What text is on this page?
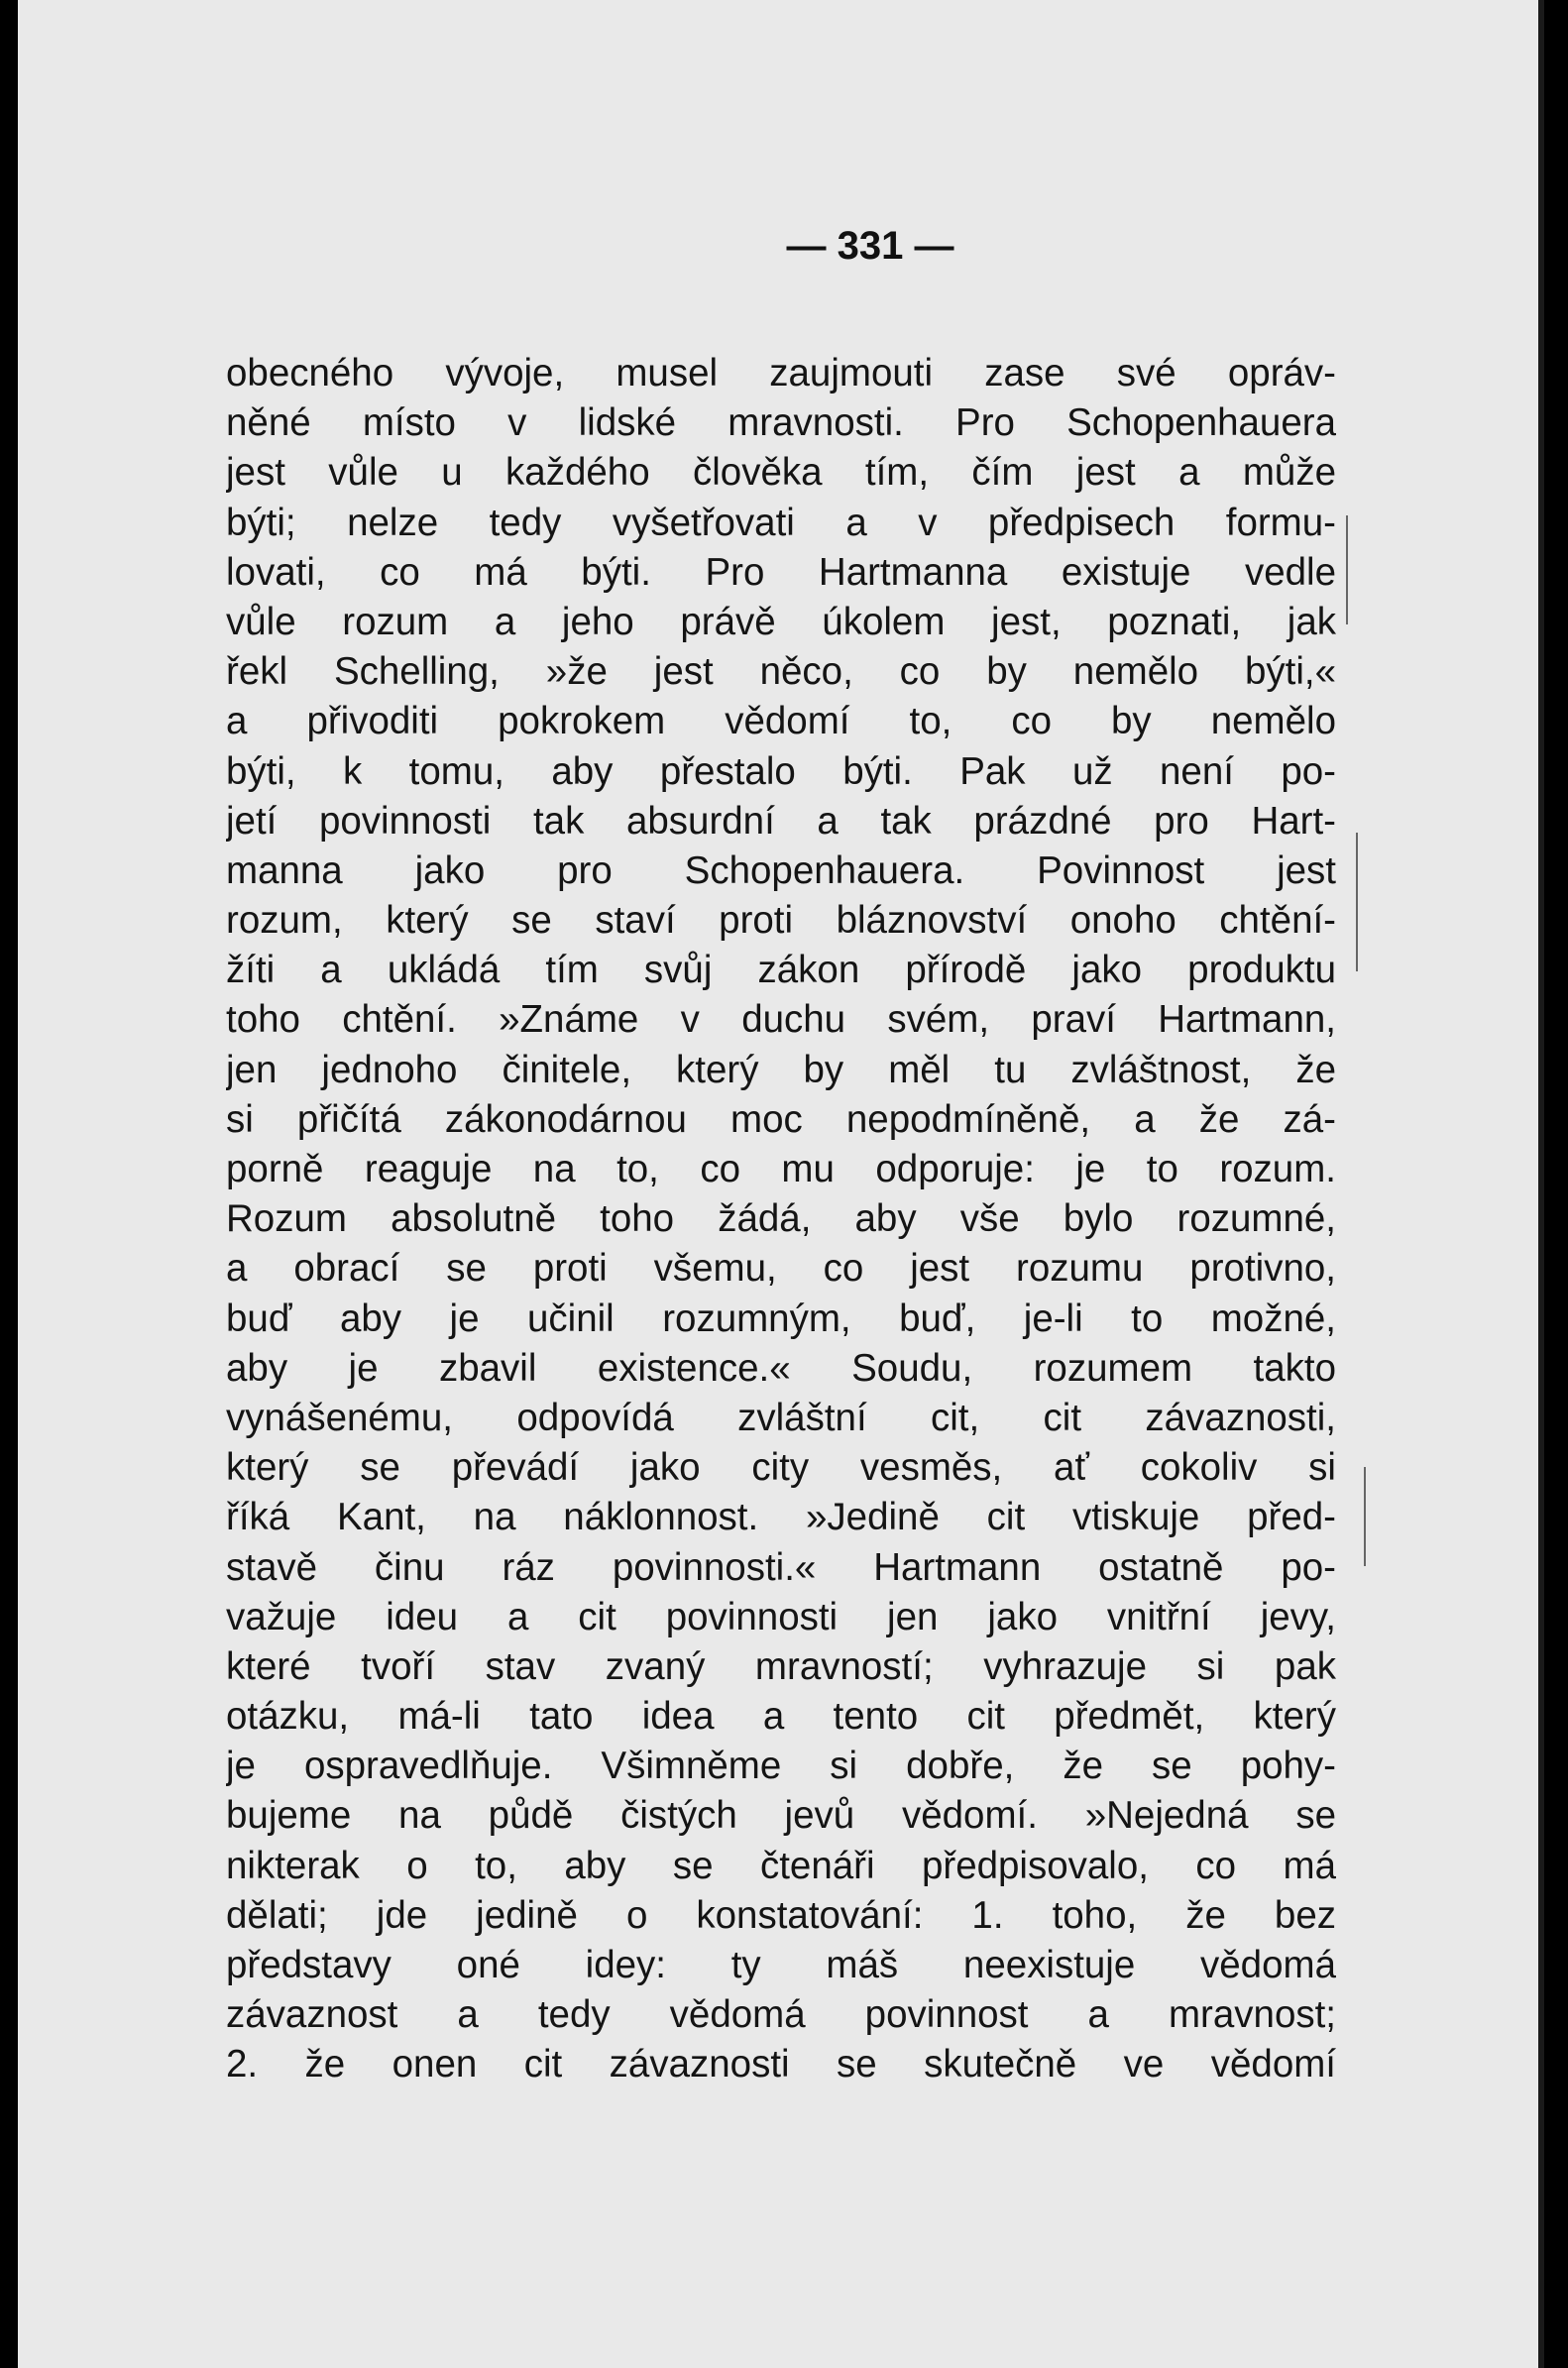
— 331 —
obecného vývoje, musel zaujmouti zase své opráv-
něné místo v lidské mravnosti. Pro Schopenhauera
jest vůle u každého člověka tím, čím jest a může
býti; nelze tedy vyšetřovati a v předpisech formu-
lovati, co má býti. Pro Hartmanna existuje vedle
vůle rozum a jeho právě úkolem jest, poznati, jak
řekl Schelling, »že jest něco, co by nemělo býti,«
a přivoditi pokrokem vědomí to, co by nemělo
býti, k tomu, aby přestalo býti. Pak už není po-
jetí povinnosti tak absurdní a tak prázdné pro Hart-
manna jako pro Schopenhauera. Povinnost jest
rozum, který se staví proti bláznovství onoho chtění-
žíti a ukládá tím svůj zákon přírodě jako produktu
toho chtění. »Známe v duchu svém, praví Hartmann,
jen jednoho činitele, který by měl tu zvláštnost, že
si přičítá zákonodárnou moc nepodmíněně, a že zá-
porně reaguje na to, co mu odporuje: je to rozum.
Rozum absolutně toho žádá, aby vše bylo rozumné,
a obrací se proti všemu, co jest rozumu protivno,
buď aby je učinil rozumným, buď, je-li to možné,
aby je zbavil existence.« Soudu, rozumem takto
vynášenému, odpovídá zvláštní cit, cit závaznosti,
který se převádí jako city vesměs, ať cokoliv si
říká Kant, na náklonnost. »Jedině cit vtiskuje před-
stavě činu ráz povinnosti.« Hartmann ostatně po-
važuje ideu a cit povinnosti jen jako vnitřní jevy,
které tvoří stav zvaný mravností; vyhrazuje si pak
otázku, má-li tato idea a tento cit předmět, který
je ospravedlňuje. Všimněme si dobře, že se pohy-
bujeme na půdě čistých jevů vědomí. »Nejedná se
nikterak o to, aby se čtenáři předpisovalo, co má
dělati; jde jedině o konstatování: 1. toho, že bez
představy oné idey: ty máš neexistuje vědomá
závaznost a tedy vědomá povinnost a mravnost;
2. že onen cit závaznosti se skutečně ve vědomí
